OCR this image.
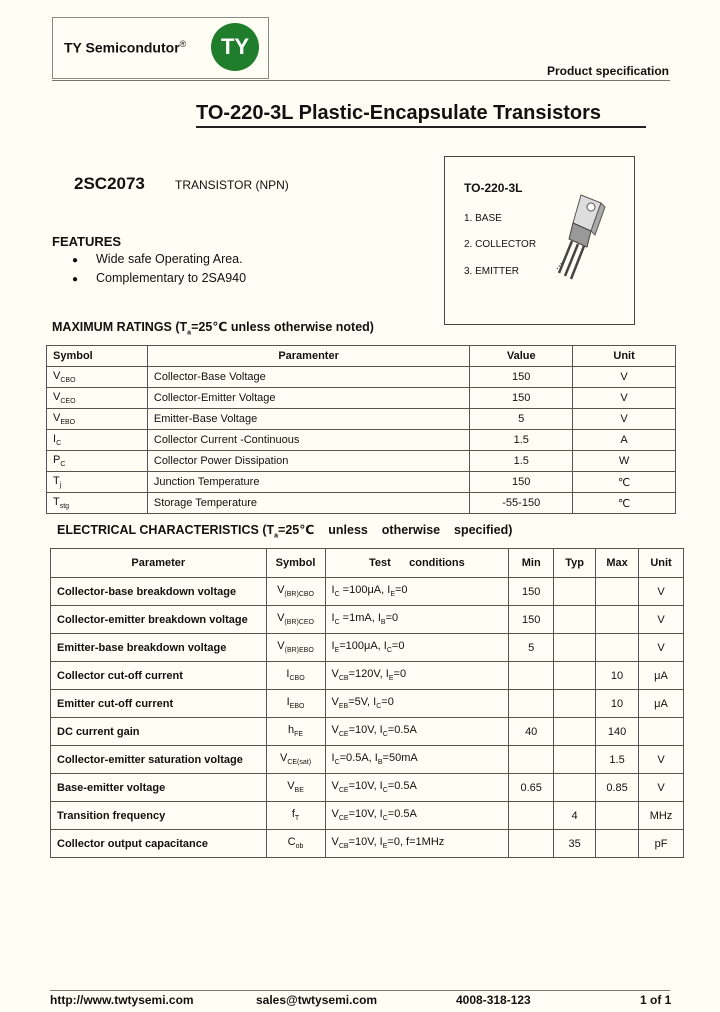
TY Semicondutor®	TY
Product specification
TO-220-3L Plastic-Encapsulate Transistors
2SC2073	TRANSISTOR (NPN)	TO-220-3L
1. BASE
2. COLLECTOR
3. EMITTER
FEATURES
● Wide safe Operating Area.
● Complementary to 2SA940
MAXIMUM RATINGS ($T_a=25℃$ unless otherwise noted)
Symbol	Paramenter	Value	Unit
$V_{CBO}$	Collector-Base Voltage	150	V
$V_{CEO}$	Collector-Emitter Voltage	150	V
$V_{EBO}$	Emitter-Base Voltage	5	V
$I_C$	Collector Current -Continuous	1.5	A
$P_C$	Collector Power Dissipation	1.5	W
$T_j$	Junction Temperature	150	℃
$T_{stg}$	Storage Temperature	-55-150	℃
ELECTRICAL CHARACTERISTICS ($T_a=25℃$    unless    otherwise    specified)
Parameter	Symbol	Test      conditions	Min	Typ	Max	Unit
Collector-base breakdown voltage	$V_{(BR)CBO}$	$I_C =100\mu A$, $I_E=0$	150			V
Collector-emitter breakdown voltage	$V_{(BR)CEO}$	$I_C =1mA$, $I_B=0$	150			V
Emitter-base breakdown voltage	$V_{(BR)EBO}$	$I_E=100\mu A$, $I_C=0$	5			V
Collector cut-off current	$I_{CBO}$	$V_{CB}=120V$, $I_E=0$			10	μA
Emitter cut-off current	$I_{EBO}$	$V_{EB}=5V$, $I_C=0$			10	μA
DC current gain	$h_{FE}$	$V_{CE}=10V$, $I_C=0.5A$	40		140	
Collector-emitter saturation voltage	$V_{CE(sat)}$	$I_C=0.5A$, $I_B=50mA$			1.5	V
Base-emitter voltage	$V_{BE}$	$V_{CE}=10V$, $I_C=0.5A$	0.65		0.85	V
Transition frequency	$f_T$	$V_{CE}=10V$, $I_C=0.5A$		4		MHz
Collector output capacitance	$C_{ob}$	$V_{CB}=10V$, $I_E=0$, f=1MHz		35		pF
http://www.twtysemi.com	sales@twtysemi.com	4008-318-123	1 of 1
